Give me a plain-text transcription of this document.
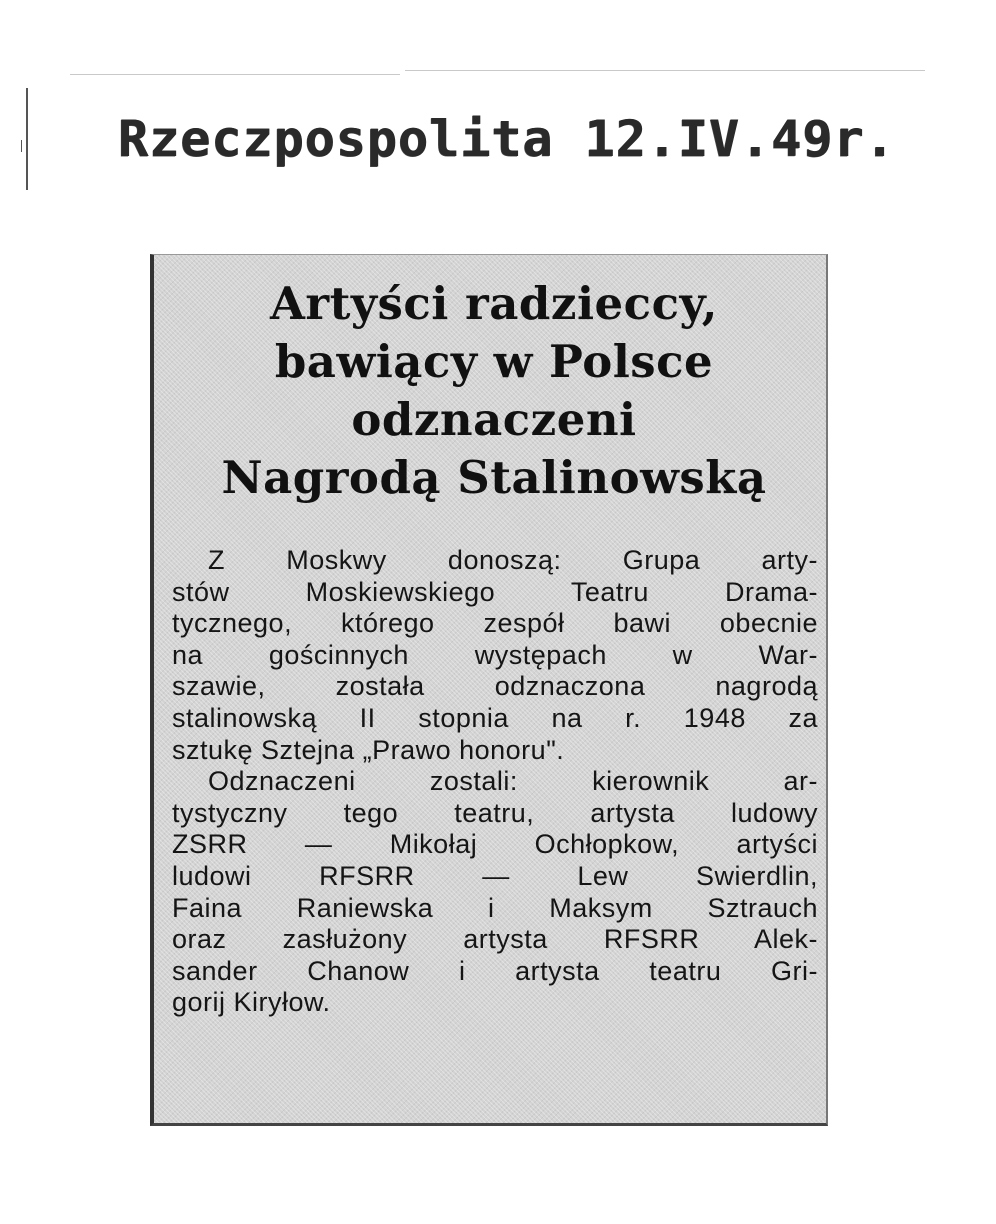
Rzeczpospolita 12.IV.49r.
Artyści radzieccy,
bawiący w Polsce
odznaczeni
Nagrodą Stalinowską
Z Moskwy donoszą: Grupa arty-
stów Moskiewskiego Teatru Drama-
tycznego, którego zespół bawi obecnie
na gościnnych występach w War-
szawie, została odznaczona nagrodą
stalinowską II stopnia na r. 1948 za
sztukę Sztejna „Prawo honoru".
Odznaczeni zostali: kierownik ar-
tystyczny tego teatru, artysta ludowy
ZSRR — Mikołaj Ochłopkow, artyści
ludowi RFSRR — Lew Swierdlin,
Faina Raniewska i Maksym Sztrauch
oraz zasłużony artysta RFSRR Alek-
sander Chanow i artysta teatru Gri-
gorij Kiryłow.
